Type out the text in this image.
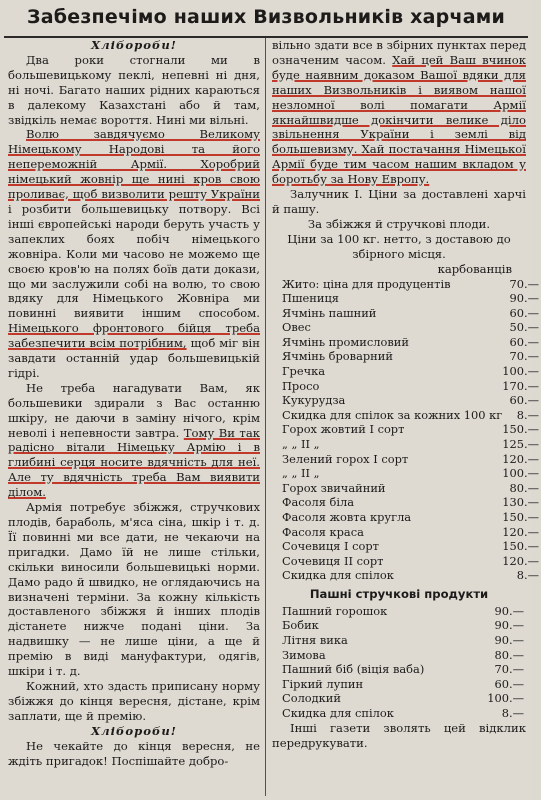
Забезпечімо наших Визвольників харчами

Хлібороби!

Два роки стогнали ми в большевицькому пеклі, непевні ні дня, ні ночі. Багато наших рідних караються в далекому Казахстані або й там, звідкіль немає вороття. Нині ми вільні.

Волю завдячуємо Великому Німецькому Народові та його непереможній Армії. Хоробрий німецький жовнір ще нині кров свою проливає, щоб визволити решту України і розбити большевицьку потвору. Всі інші європейські народи беруть участь у запеклих боях побіч німецького жовніра. Коли ми часово не можемо ще своєю кров'ю на полях боїв дати докази, що ми заслужили собі на волю, то свою вдяку для Німецького Жовніра ми повинні виявити іншим способом. Німецького фронтового бійця треба забезпечити всім потрібним, щоб міг він завдати останній удар большевицькій гідрі.

Не треба нагадувати Вам, як большевики здирали з Вас останню шкіру, не даючи в заміну нічого, крім неволі і непевности завтра. Тому Ви так радісно вітали Німецьку Армію і в глибині серця носите вдячність для неї. Але ту вдячність треба Вам виявити ділом.

Армія потребує збіжжя, стручкових плодів, бараболь, м'яса сіна, шкір і т. д. Її повинні ми все дати, не чекаючи на пригадки. Дамо їй не лише стільки, скільки виносили большевицькі норми. Дамо радо й швидко, не оглядаючись на визначені терміни. За кожну кількість доставленого збіжжя й інших плодів дістанете нижче подані ціни. За надвишку — не лише ціни, а ще й премію в виді мануфактури, одягів, шкіри і т. д.

Кожний, хто здасть приписану норму збіжжя до кінця вересня, дістане, крім заплати, ще й премію.

Хлібороби!

Не чекайте до кінця вересня, не ждіть пригадок! Поспішайте добро-

вільно здати все в збірних пунктах перед означеним часом. Хай цей Ваш вчинок буде наявним доказом Вашої вдяки для наших Визвольників і виявом нашої незломної волі помагати Армії якнайшвидше докінчити велике діло звільнення України і землі від большевизму. Хай постачання Німецької Армії буде тим часом нашим вкладом у боротьбу за Нову Европу.

Залучник I. Ціни за доставлені харчі й пашу.

За збіжжя й стручкові плоди.

Ціни за 100 кг. нетто, з доставою до збірного місця.

карбованців

Жито: ціна для продуцентів	70.—
Пшениця	90.—
Ячмінь пашний	60.—
Овес	50.—
Ячмінь промисловий	60.—
Ячмінь броварний	70.—
Гречка	100.—
Просо	170.—
Кукурудза	60.—
Скидка для спілок за кожних 100 кг	8.—
Горох жовтий I сорт	150.—
„ „ II „	125.—
Зелений горох I сорт	120.—
„ „ II „	100.—
Горох звичайний	80.—
Фасоля біла	130.—
Фасоля жовта кругла	150.—
Фасоля краса	120.—
Сочевиця I сорт	150.—
Сочевиця II сорт	120.—
Скидка для спілок	8.—
Пашні стручкові продукти
Пашний горошок	90.—
Бобик	90.—
Літня вика	90.—
Зимова	80.—
Пашний біб (віція ваба)	70.—
Гіркий лупин	60.—
Солодкий	100.—
Скидка для спілок	8.—

Інші газети зволять цей відклик передрукувати.
